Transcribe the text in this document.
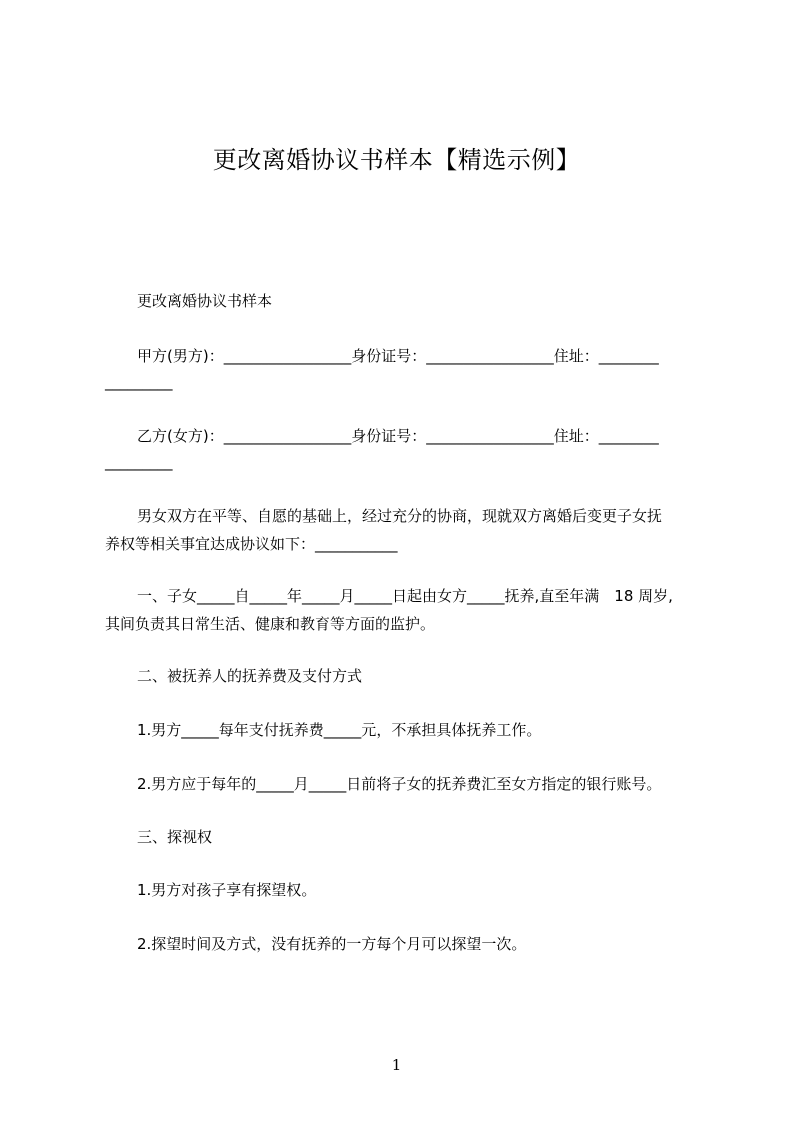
更改离婚协议书样本【精选示例】
更改离婚协议书样本
甲方(男方)：_________________身份证号：_________________住址：________
_________
乙方(女方)：_________________身份证号：_________________住址：________
_________
男女双方在平等、自愿的基础上，经过充分的协商，现就双方离婚后变更子女抚
养权等相关事宜达成协议如下：___________
一、子女_____自_____年_____月_____日起由女方_____抚养,直至年满　18 周岁,
其间负责其日常生活、健康和教育等方面的监护。
二、被抚养人的抚养费及支付方式
1.男方_____每年支付抚养费_____元，不承担具体抚养工作。
2.男方应于每年的_____月_____日前将子女的抚养费汇至女方指定的银行账号。
三、探视权
1.男方对孩子享有探望权。
2.探望时间及方式，没有抚养的一方每个月可以探望一次。
1
